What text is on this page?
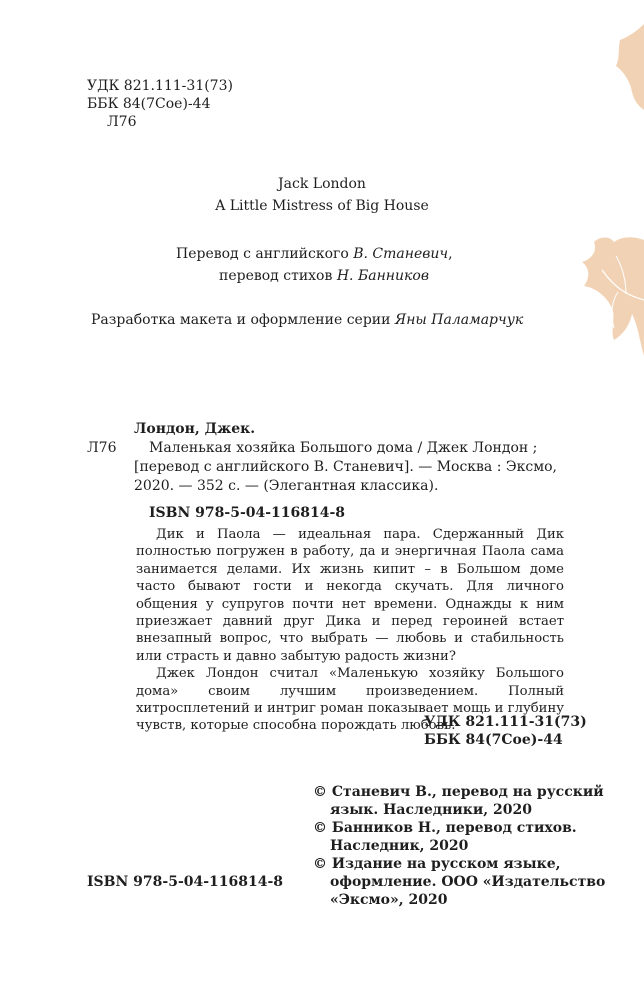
УДК 821.111-31(73)
ББК 84(7Сое)-44
Л76
Jack London
A Little Mistress of Big House
Перевод с английского В. Станевич,
перевод стихов Н. Банников
Разработка макета и оформление серии Яны Паламарчук
Лондон, Джек.
Л76 Маленькая хозяйка Большого дома / Джек Лондон ;
[перевод с английского В. Станевич]. — Москва : Эксмо,
2020. — 352 с. — (Элегантная классика).
ISBN 978-5-04-116814-8

Дик и Паола — идеальная пара. Сдержанный Дик полностью погружен в работу, да и энергичная Паола сама занимается делами. Их жизнь кипит – в Большом доме часто бывают гости и некогда скучать. Для личного общения у супругов почти нет времени. Однажды к ним приезжает давний друг Дика и перед героиней встает внезапный вопрос, что выбрать — любовь и стабильность или страсть и давно забытую радость жизни?

Джек Лондон считал «Маленькую хозяйку Большого дома» своим лучшим произведением. Полный хитросплетений и интриг роман показывает мощь и глубину чувств, которые способна порождать любовь.

УДК 821.111-31(73)
ББК 84(7Сое)-44
© Станевич В., перевод на русский
язык. Наследники, 2020
© Банников Н., перевод стихов.
Наследник, 2020
© Издание на русском языке,
оформление. ООО «Издательство
«Эксмо», 2020
ISBN 978-5-04-116814-8
